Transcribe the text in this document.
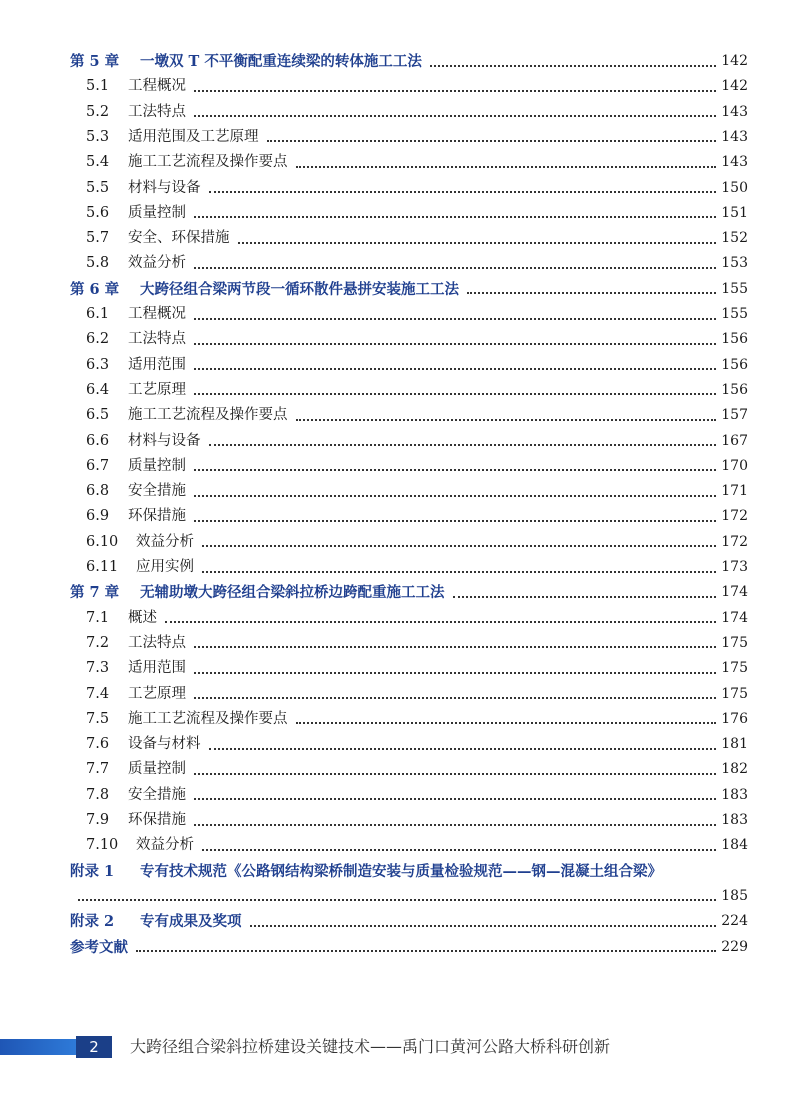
第 5 章	一墩双 T 不平衡配重连续梁的转体施工工法	142
5.1	工程概况	142
5.2	工法特点	143
5.3	适用范围及工艺原理	143
5.4	施工工艺流程及操作要点	143
5.5	材料与设备	150
5.6	质量控制	151
5.7	安全、环保措施	152
5.8	效益分析	153
第 6 章	大跨径组合梁两节段一循环散件悬拼安装施工工法	155
6.1	工程概况	155
6.2	工法特点	156
6.3	适用范围	156
6.4	工艺原理	156
6.5	施工工艺流程及操作要点	157
6.6	材料与设备	167
6.7	质量控制	170
6.8	安全措施	171
6.9	环保措施	172
6.10	效益分析	172
6.11	应用实例	173
第 7 章	无辅助墩大跨径组合梁斜拉桥边跨配重施工工法	174
7.1	概述	174
7.2	工法特点	175
7.3	适用范围	175
7.4	工艺原理	175
7.5	施工工艺流程及操作要点	176
7.6	设备与材料	181
7.7	质量控制	182
7.8	安全措施	183
7.9	环保措施	183
7.10	效益分析	184
附录 1	专有技术规范《公路钢结构梁桥制造安装与质量检验规范——钢—混凝土组合梁》
185
附录 2	专有成果及奖项	224
参考文献	229
2	大跨径组合梁斜拉桥建设关键技术——禹门口黄河公路大桥科研创新
